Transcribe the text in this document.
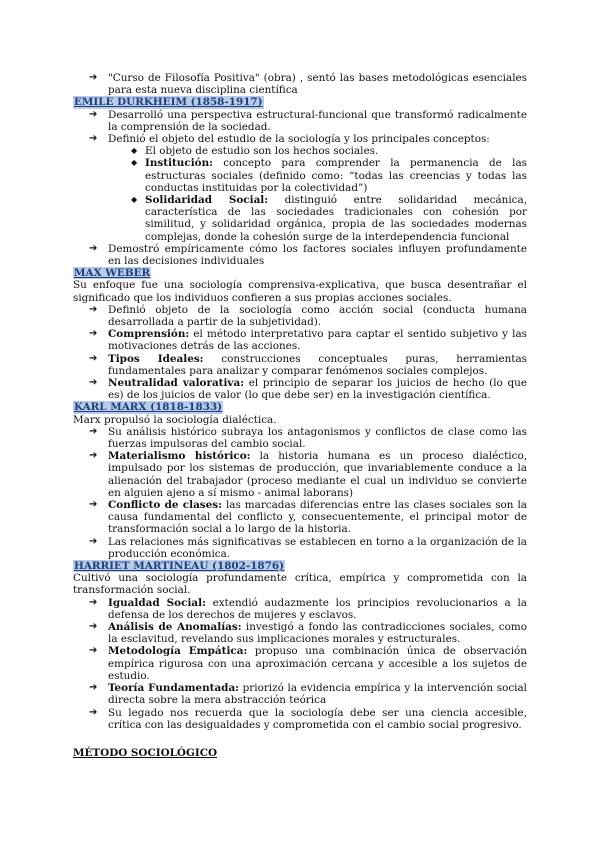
➔ "Curso de Filosofía Positiva" (obra) , sentó las bases metodológicas esenciales para esta nueva disciplina científica
EMILE DURKHEIM (1858-1917)
➔ Desarrolló una perspectiva estructural-funcional que transformó radicalmente la comprensión de la sociedad.
➔ Definió el objeto del estudio de la sociología y los principales conceptos:
◆ El objeto de estudio son los hechos sociales.
◆ Institución: concepto para comprender la permanencia de las estructuras sociales (definido como: “todas las creencias y todas las conductas instituidas por la colectividad”)
◆ Solidaridad Social: distinguió entre solidaridad mecánica, característica de las sociedades tradicionales con cohesión por similitud, y solidaridad orgánica, propia de las sociedades modernas complejas, donde la cohesión surge de la interdependencia funcional
➔ Demostró empíricamente cómo los factores sociales influyen profundamente en las decisiones individuales
MAX WEBER

Su enfoque fue una sociología comprensiva-explicativa, que busca desentrañar el significado que los individuos confieren a sus propias acciones sociales.

➔ Definió objeto de la sociología como acción social (conducta humana desarrollada a partir de la subjetividad).
➔ Comprensión: el método interpretativo para captar el sentido subjetivo y las motivaciones detrás de las acciones.
➔ Tipos Ideales: construcciones conceptuales puras, herramientas fundamentales para analizar y comparar fenómenos sociales complejos.
➔ Neutralidad valorativa: el principio de separar los juicios de hecho (lo que es) de los juicios de valor (lo que debe ser) en la investigación científica.
KARL MARX (1818-1833)

Marx propulsó la sociología dialéctica.

➔ Su análisis histórico subraya los antagonismos y conflictos de clase como las fuerzas impulsoras del cambio social.
➔ Materialismo histórico: la historia humana es un proceso dialéctico, impulsado por los sistemas de producción, que invariablemente conduce a la alienación del trabajador (proceso mediante el cual un individuo se convierte en alguien ajeno a sí mismo - animal laborans)
➔ Conflicto de clases: las marcadas diferencias entre las clases sociales son la causa fundamental del conflicto y, consecuentemente, el principal motor de transformación social a lo largo de la historia.
➔ Las relaciones más significativas se establecen en torno a la organización de la producción económica.
HARRIET MARTINEAU (1802-1876)

Cultivó una sociología profundamente crítica, empírica y comprometida con la transformación social.

➔ Igualdad Social: extendió audazmente los principios revolucionarios a la defensa de los derechos de mujeres y esclavos.
➔ Análisis de Anomalías: investigó a fondo las contradicciones sociales, como la esclavitud, revelando sus implicaciones morales y estructurales.
➔ Metodología Empática: propuso una combinación única de observación empírica rigurosa con una aproximación cercana y accesible a los sujetos de estudio.
➔ Teoría Fundamentada: priorizó la evidencia empírica y la intervención social directa sobre la mera abstracción teórica
➔ Su legado nos recuerda que la sociología debe ser una ciencia accesible, crítica con las desigualdades y comprometida con el cambio social progresivo.
MÉTODO SOCIOLÓGICO
